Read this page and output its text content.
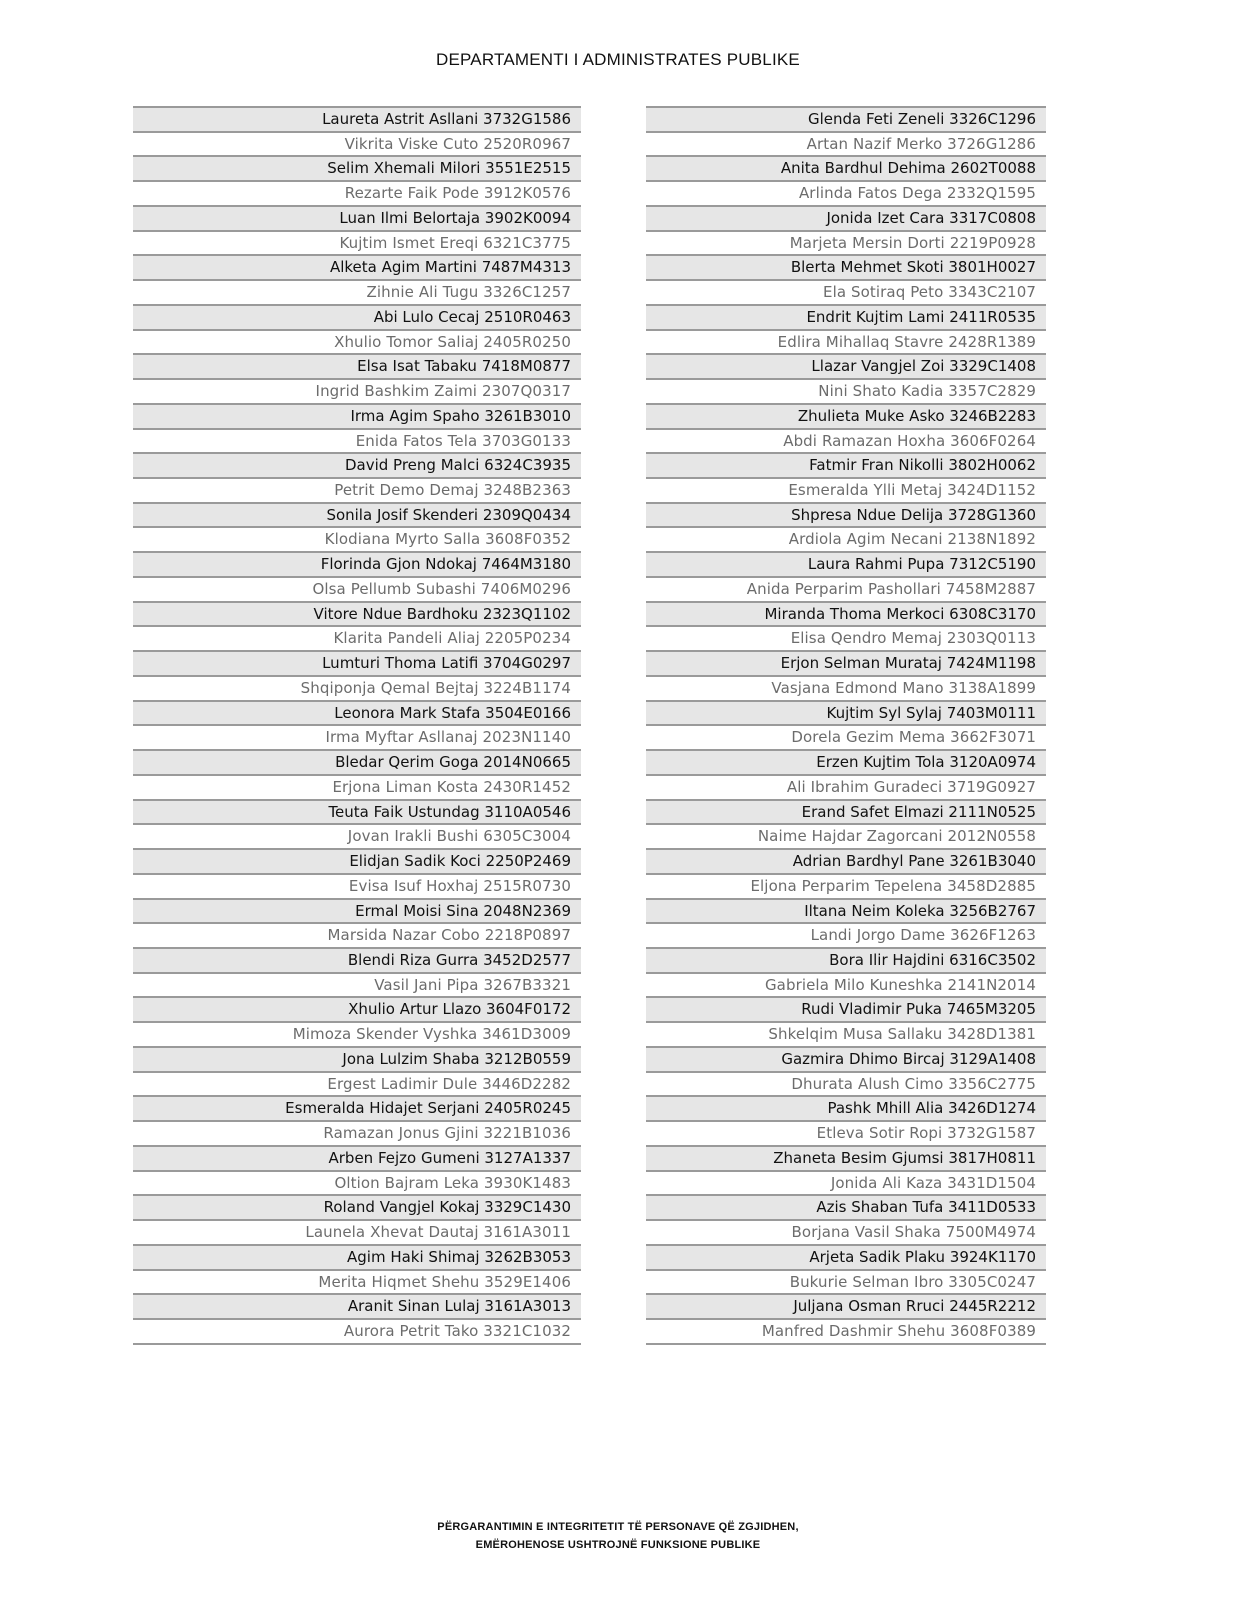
DEPARTAMENTI I ADMINISTRATES PUBLIKE
Laureta Astrit Asllani 3732G1586
Vikrita Viske Cuto 2520R0967
Selim Xhemali Milori 3551E2515
Rezarte Faik Pode 3912K0576
Luan Ilmi Belortaja 3902K0094
Kujtim Ismet Ereqi 6321C3775
Alketa Agim Martini 7487M4313
Zihnie Ali Tugu 3326C1257
Abi Lulo Cecaj 2510R0463
Xhulio Tomor Saliaj 2405R0250
Elsa Isat Tabaku 7418M0877
Ingrid Bashkim Zaimi 2307Q0317
Irma Agim Spaho 3261B3010
Enida Fatos Tela 3703G0133
David Preng Malci 6324C3935
Petrit Demo Demaj 3248B2363
Sonila Josif Skenderi 2309Q0434
Klodiana Myrto Salla 3608F0352
Florinda Gjon Ndokaj 7464M3180
Olsa Pellumb Subashi 7406M0296
Vitore Ndue Bardhoku 2323Q1102
Klarita Pandeli Aliaj 2205P0234
Lumturi Thoma Latifi 3704G0297
Shqiponja Qemal Bejtaj 3224B1174
Leonora Mark Stafa 3504E0166
Irma Myftar Asllanaj 2023N1140
Bledar Qerim Goga 2014N0665
Erjona Liman Kosta 2430R1452
Teuta Faik Ustundag 3110A0546
Jovan Irakli Bushi 6305C3004
Elidjan Sadik Koci 2250P2469
Evisa Isuf Hoxhaj 2515R0730
Ermal Moisi Sina 2048N2369
Marsida Nazar Cobo 2218P0897
Blendi Riza Gurra 3452D2577
Vasil Jani Pipa 3267B3321
Xhulio Artur Llazo 3604F0172
Mimoza Skender Vyshka 3461D3009
Jona Lulzim Shaba 3212B0559
Ergest Ladimir Dule 3446D2282
Esmeralda Hidajet Serjani 2405R0245
Ramazan Jonus Gjini 3221B1036
Arben Fejzo Gumeni 3127A1337
Oltion Bajram Leka 3930K1483
Roland Vangjel Kokaj 3329C1430
Launela Xhevat Dautaj 3161A3011
Agim Haki Shimaj 3262B3053
Merita Hiqmet Shehu 3529E1406
Aranit Sinan Lulaj 3161A3013
Aurora Petrit Tako 3321C1032
Glenda Feti Zeneli 3326C1296
Artan Nazif Merko 3726G1286
Anita Bardhul Dehima 2602T0088
Arlinda Fatos Dega 2332Q1595
Jonida Izet Cara 3317C0808
Marjeta Mersin Dorti 2219P0928
Blerta Mehmet Skoti 3801H0027
Ela Sotiraq Peto 3343C2107
Endrit Kujtim Lami 2411R0535
Edlira Mihallaq Stavre 2428R1389
Llazar Vangjel Zoi 3329C1408
Nini Shato Kadia 3357C2829
Zhulieta Muke Asko 3246B2283
Abdi Ramazan Hoxha 3606F0264
Fatmir Fran Nikolli 3802H0062
Esmeralda Ylli Metaj 3424D1152
Shpresa Ndue Delija 3728G1360
Ardiola Agim Necani 2138N1892
Laura Rahmi Pupa 7312C5190
Anida Perparim Pashollari 7458M2887
Miranda Thoma Merkoci 6308C3170
Elisa Qendro Memaj 2303Q0113
Erjon Selman Murataj 7424M1198
Vasjana Edmond Mano 3138A1899
Kujtim Syl Sylaj 7403M0111
Dorela Gezim Mema 3662F3071
Erzen Kujtim Tola 3120A0974
Ali Ibrahim Guradeci 3719G0927
Erand Safet Elmazi 2111N0525
Naime Hajdar Zagorcani 2012N0558
Adrian Bardhyl Pane 3261B3040
Eljona Perparim Tepelena 3458D2885
Iltana Neim Koleka 3256B2767
Landi Jorgo Dame 3626F1263
Bora Ilir Hajdini 6316C3502
Gabriela Milo Kuneshka 2141N2014
Rudi Vladimir Puka 7465M3205
Shkelqim Musa Sallaku 3428D1381
Gazmira Dhimo Bircaj 3129A1408
Dhurata Alush Cimo 3356C2775
Pashk Mhill Alia 3426D1274
Etleva Sotir Ropi 3732G1587
Zhaneta Besim Gjumsi 3817H0811
Jonida Ali Kaza 3431D1504
Azis Shaban Tufa 3411D0533
Borjana Vasil Shaka 7500M4974
Arjeta Sadik Plaku 3924K1170
Bukurie Selman Ibro 3305C0247
Juljana Osman Rruci 2445R2212
Manfred Dashmir Shehu 3608F0389
PËRGARANTIMIN E INTEGRITETIT TË PERSONAVE QË ZGJIDHEN,
EMËROHENOSE USHTROJNË FUNKSIONE PUBLIKE
